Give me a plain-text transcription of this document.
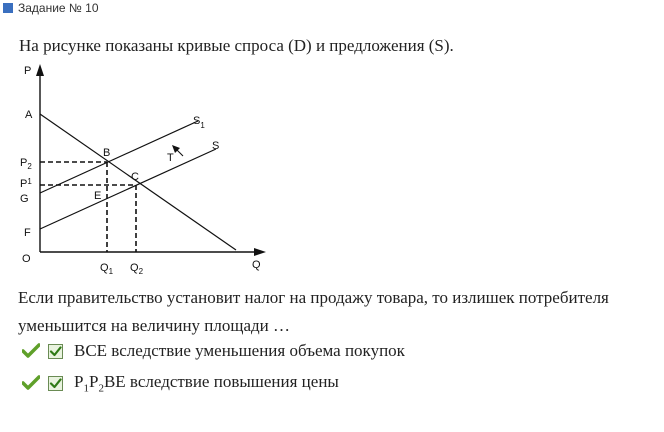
Задание № 10
На рисунке показаны кривые спроса (D) и предложения (S).
P
Q
O
A
B
C
E
F
G
T
$P_2$
$P^1$
$Q_1$ $Q_2$
$S_1$
S
Если правительство установит налог на продажу товара, то излишек потребителя
уменьшится на величину площади …
BCE вследствие уменьшения объема покупок
$P_1P_2BE$ вследствие повышения цены
